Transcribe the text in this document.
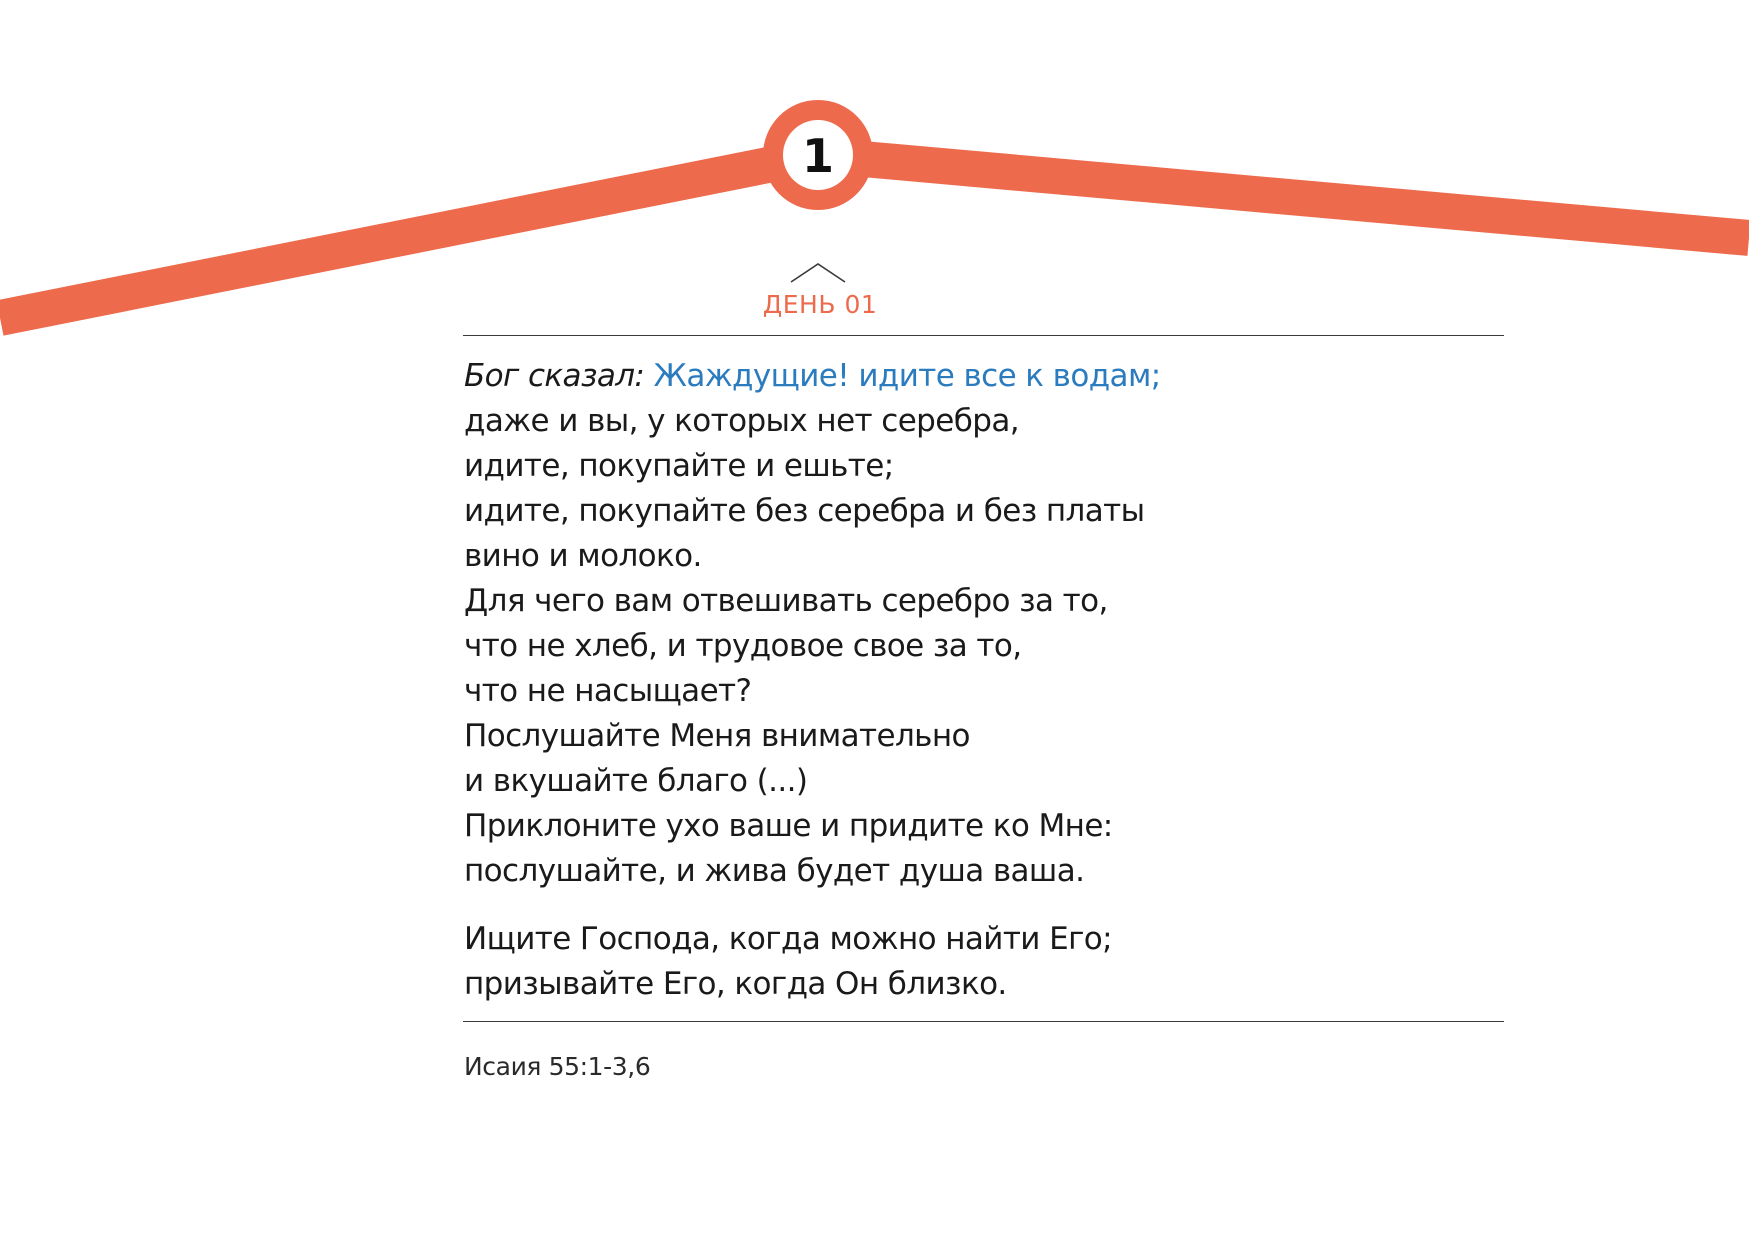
1
ДЕНЬ 01
Бог сказал: Жаждущие! идите все к водам;
даже и вы, у которых нет серебра,
идите, покупайте и ешьте;
идите, покупайте без серебра и без платы
вино и молоко.
Для чего вам отвешивать серебро за то,
что не хлеб, и трудовое свое за то,
что не насыщает?
Послушайте Меня внимательно
и вкушайте благо (...)
Приклоните ухо ваше и придите ко Мне:
послушайте, и жива будет душа ваша.
Ищите Господа, когда можно найти Его;
призывайте Его, когда Он близко.
Исаия 55:1-3,6
